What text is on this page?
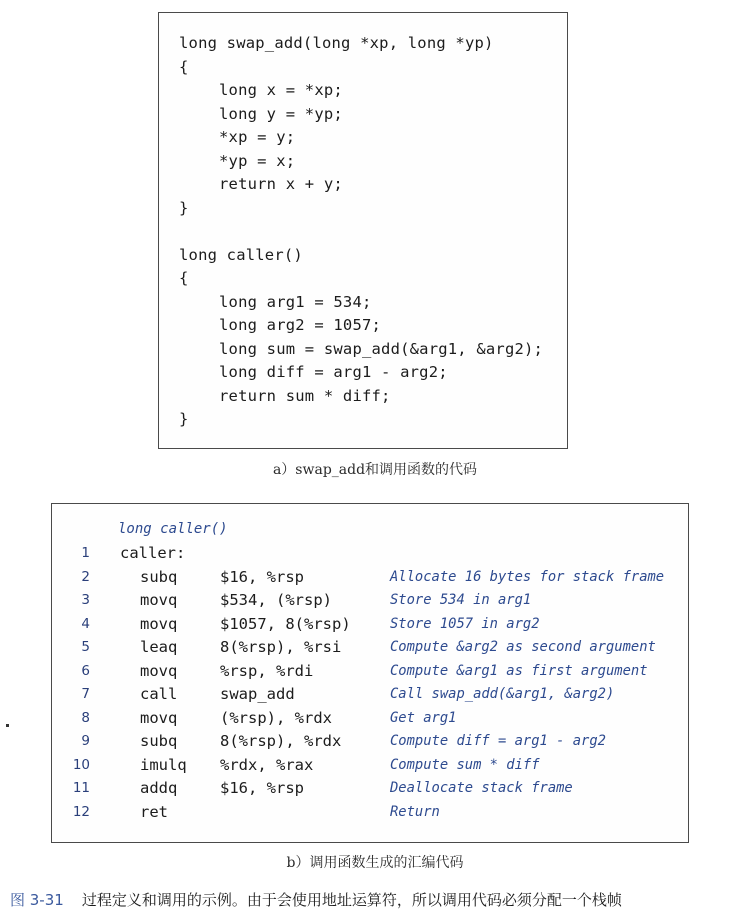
long swap_add(long *xp, long *yp)

{

long x = *xp;

long y = *yp;

*xp = y;

*yp = x;

return x + y;

}

long caller()

{

long arg1 = 534;

long arg2 = 1057;

long sum = swap_add(&arg1, &arg2);

long diff = arg1 - arg2;

return sum * diff;

}

a）swap_add和调用函数的代码
long caller()
1 caller:
2	subq	$16, %rsp	Allocate 16 bytes for stack frame
3	movq	$534, (%rsp)	Store 534 in arg1
4	movq	$1057, 8(%rsp)	Store 1057 in arg2
5	leaq	8(%rsp), %rsi	Compute &arg2 as second argument
6	movq	%rsp, %rdi	Compute &arg1 as first argument
7	call	swap_add	Call swap_add(&arg1, &arg2)
8	movq	(%rsp), %rdx	Get arg1
9	subq	8(%rsp), %rdx	Compute diff = arg1 - arg2
10	imulq %rdx, %rax	Compute sum * diff
11	addq	$16, %rsp	Deallocate stack frame
12	ret	Return
b）调用函数生成的汇编代码
图 3-31 过程定义和调用的示例。由于会使用地址运算符，所以调用代码必须分配一个栈帧
